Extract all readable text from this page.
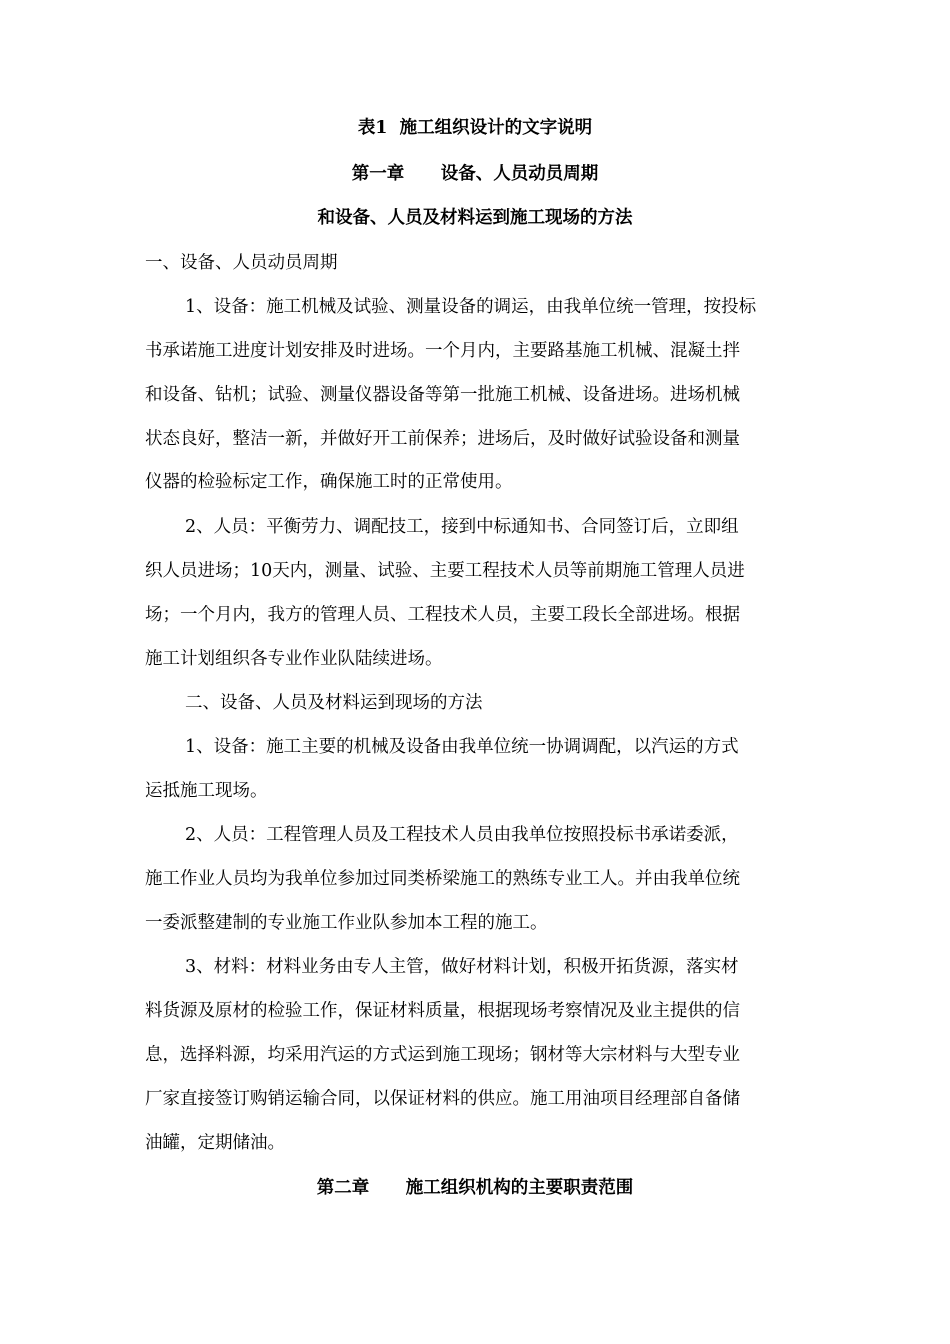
表1  施工组织设计的文字说明
第一章      设备、人员动员周期
和设备、人员及材料运到施工现场的方法
一、设备、人员动员周期
1、设备：施工机械及试验、测量设备的调运，由我单位统一管理，按投标
书承诺施工进度计划安排及时进场。一个月内，主要路基施工机械、混凝土拌
和设备、钻机；试验、测量仪器设备等第一批施工机械、设备进场。进场机械
状态良好，整洁一新，并做好开工前保养；进场后，及时做好试验设备和测量
仪器的检验标定工作，确保施工时的正常使用。
2、人员：平衡劳力、调配技工，接到中标通知书、合同签订后，立即组
织人员进场；10天内，测量、试验、主要工程技术人员等前期施工管理人员进
场；一个月内，我方的管理人员、工程技术人员，主要工段长全部进场。根据
施工计划组织各专业作业队陆续进场。
二、设备、人员及材料运到现场的方法
1、设备：施工主要的机械及设备由我单位统一协调调配，以汽运的方式
运抵施工现场。
2、人员：工程管理人员及工程技术人员由我单位按照投标书承诺委派，
施工作业人员均为我单位参加过同类桥梁施工的熟练专业工人。并由我单位统
一委派整建制的专业施工作业队参加本工程的施工。
3、材料：材料业务由专人主管，做好材料计划，积极开拓货源，落实材
料货源及原材的检验工作，保证材料质量，根据现场考察情况及业主提供的信
息，选择料源，均采用汽运的方式运到施工现场；钢材等大宗材料与大型专业
厂家直接签订购销运输合同，以保证材料的供应。施工用油项目经理部自备储
油罐，定期储油。
第二章      施工组织机构的主要职责范围
